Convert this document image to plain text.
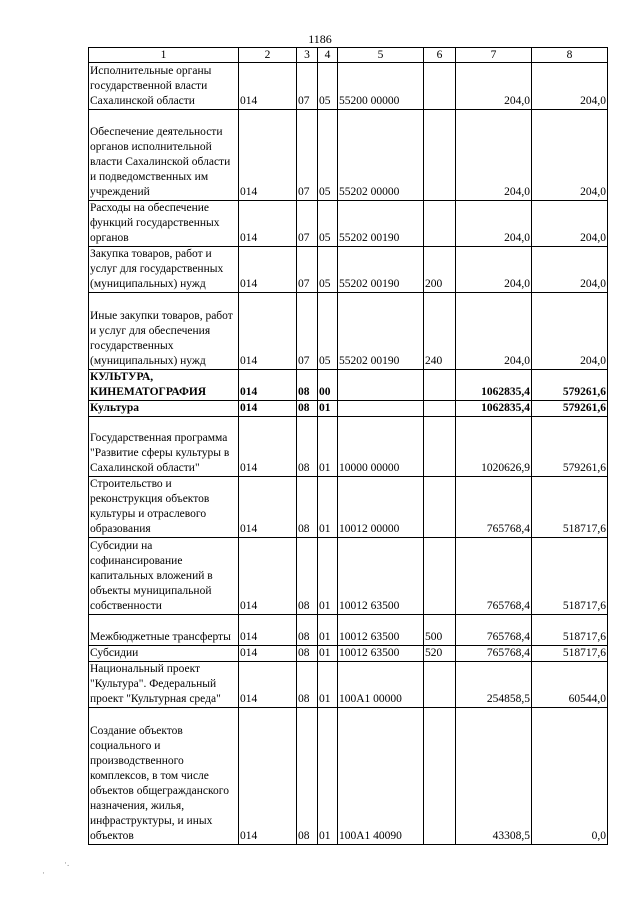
1186
1	2	3	4	5	6	7	8
Исполнительные органы государственной власти Сахалинской области	014	07	05	55200 00000		204,0	204,0
Обеспечение деятельности органов исполнительной власти Сахалинской области и подведомственных им учреждений	014	07	05	55202 00000		204,0	204,0
Расходы на обеспечение функций государственных органов	014	07	05	55202 00190		204,0	204,0
Закупка товаров, работ и услуг для государственных (муниципальных) нужд	014	07	05	55202 00190	200	204,0	204,0
Иные закупки товаров, работ и услуг для обеспечения государственных (муниципальных) нужд	014	07	05	55202 00190	240	204,0	204,0
КУЛЬТУРА, КИНЕМАТОГРАФИЯ	014	08	00			1062835,4	579261,6
Культура	014	08	01			1062835,4	579261,6
Государственная программа "Развитие сферы культуры в Сахалинской области"	014	08	01	10000 00000		1020626,9	579261,6
Строительство и реконструкция объектов культуры и отраслевого образования	014	08	01	10012 00000		765768,4	518717,6
Субсидии на софинансирование капитальных вложений в объекты муниципальной собственности	014	08	01	10012 63500		765768,4	518717,6
Межбюджетные трансферты	014	08	01	10012 63500	500	765768,4	518717,6
Субсидии	014	08	01	10012 63500	520	765768,4	518717,6
Национальный проект "Культура". Федеральный проект "Культурная среда"	014	08	01	100А1 00000		254858,5	60544,0
Создание объектов социального и производственного комплексов, в том числе объектов общегражданского назначения, жилья, инфраструктуры, и иных объектов	014	08	01	100А1 40090		43308,5	0,0
·
·.
